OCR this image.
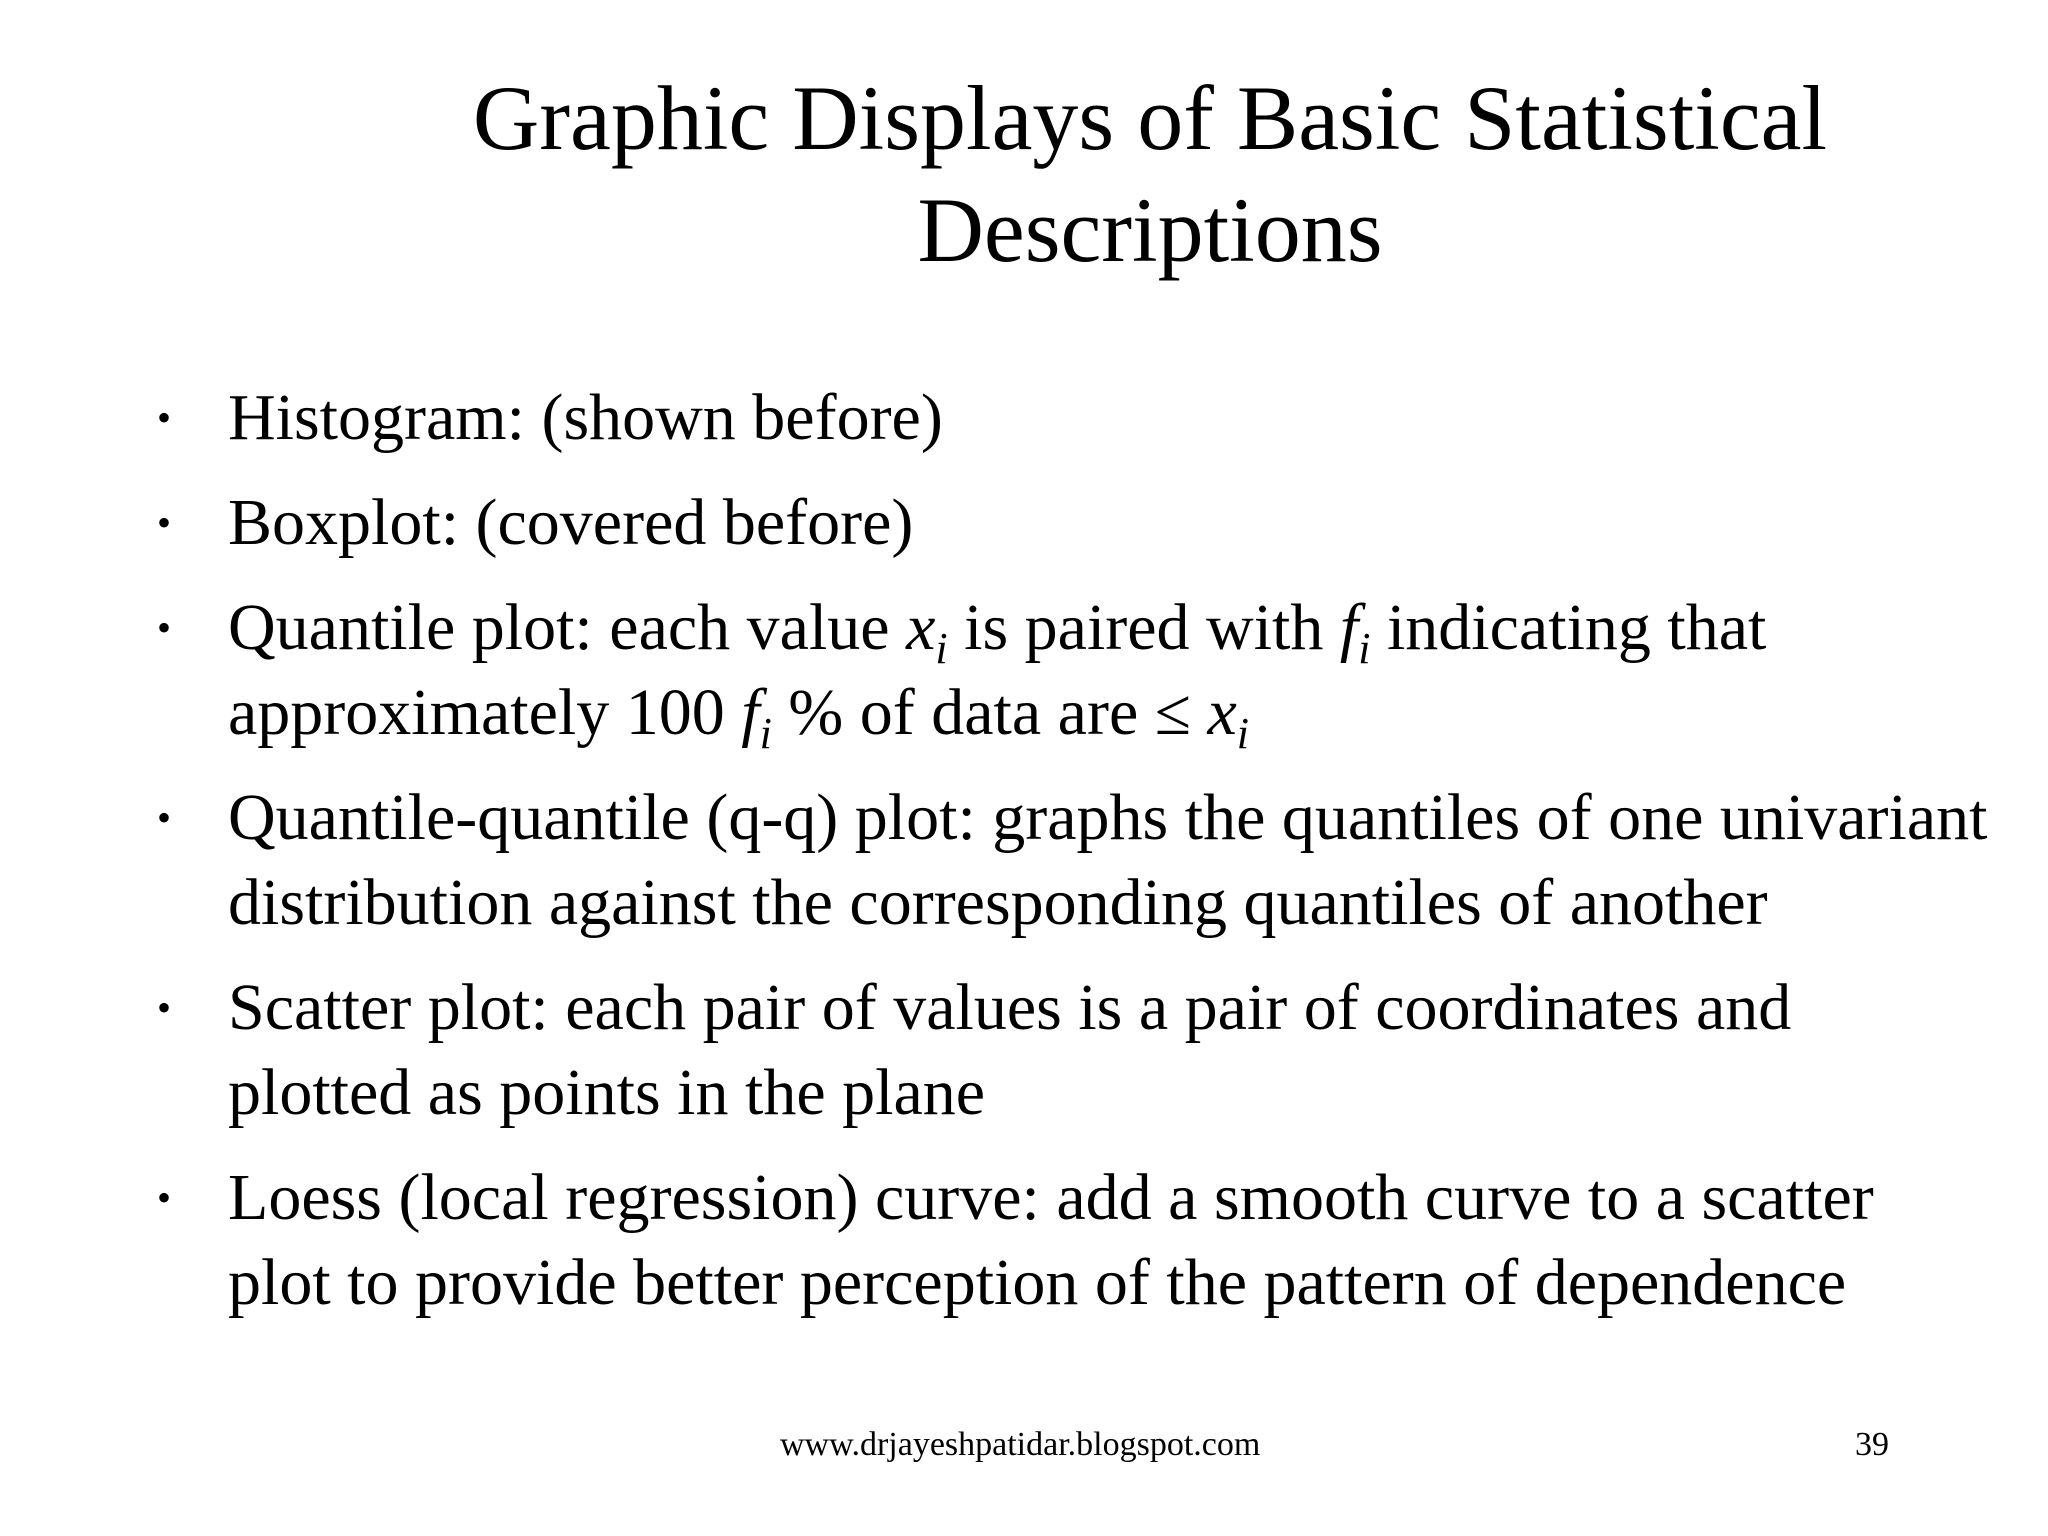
Graphic Displays of Basic Statistical
Descriptions
• Histogram: (shown before)
• Boxplot: (covered before)
• Quantile plot: each value $x_i$ is paired with $f_i$ indicating that approximately 100 $f_i$ % of data are ≤ $x_i$
• Quantile-quantile (q-q) plot: graphs the quantiles of one univariant distribution against the corresponding quantiles of another
• Scatter plot: each pair of values is a pair of coordinates and plotted as points in the plane
• Loess (local regression) curve: add a smooth curve to a scatter plot to provide better perception of the pattern of dependence
www.drjayeshpatidar.blogspot.com	39
